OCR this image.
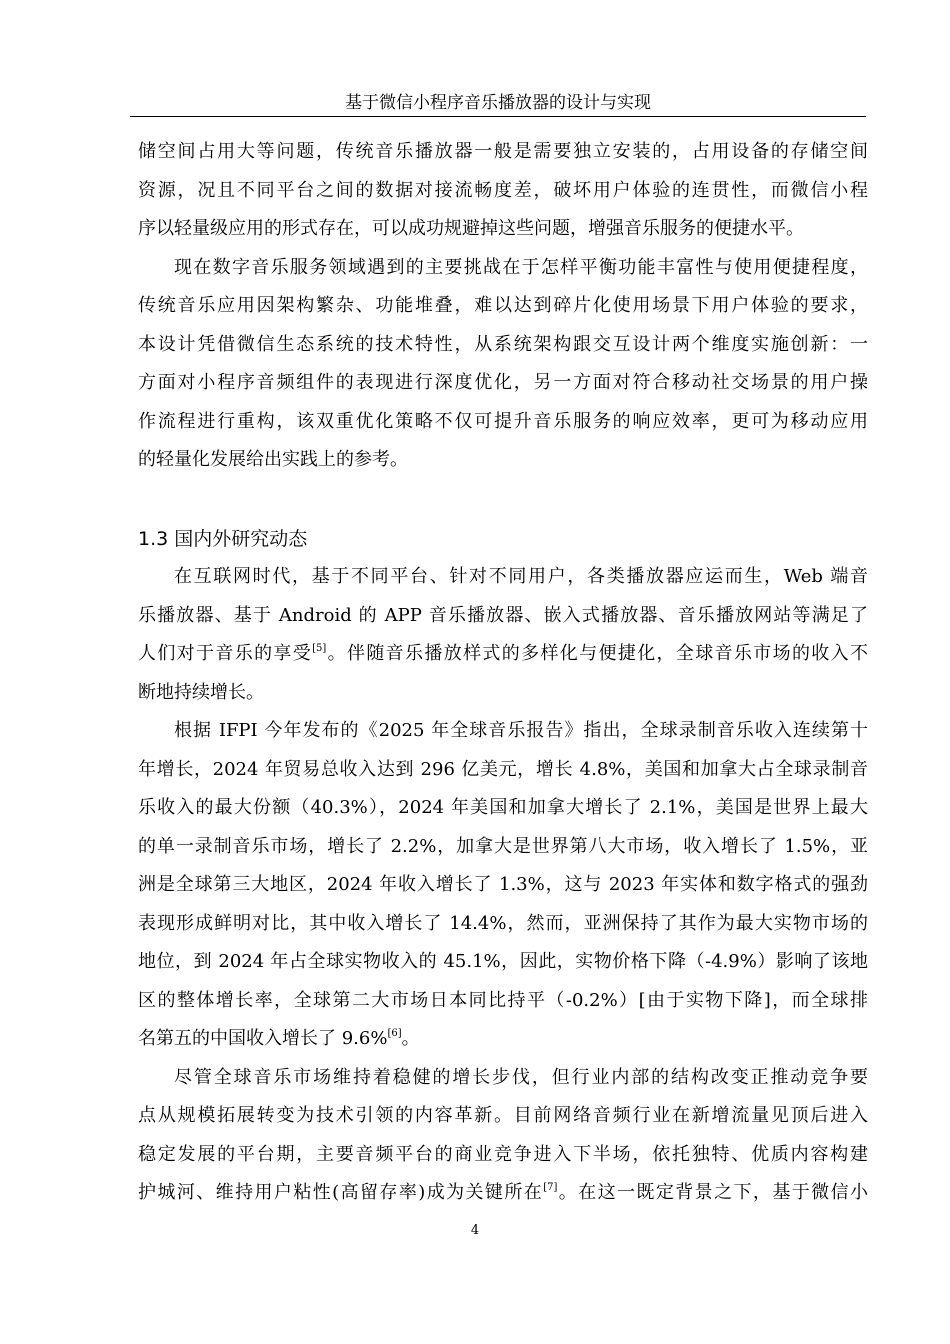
基于微信小程序音乐播放器的设计与实现
储空间占用大等问题，传统音乐播放器一般是需要独立安装的，占用设备的存储空间
资源，况且不同平台之间的数据对接流畅度差，破坏用户体验的连贯性，而微信小程
序以轻量级应用的形式存在，可以成功规避掉这些问题，增强音乐服务的便捷水平。
现在数字音乐服务领域遇到的主要挑战在于怎样平衡功能丰富性与使用便捷程度，
传统音乐应用因架构繁杂、功能堆叠，难以达到碎片化使用场景下用户体验的要求，
本设计凭借微信生态系统的技术特性，从系统架构跟交互设计两个维度实施创新：一
方面对小程序音频组件的表现进行深度优化，另一方面对符合移动社交场景的用户操
作流程进行重构，该双重优化策略不仅可提升音乐服务的响应效率，更可为移动应用
的轻量化发展给出实践上的参考。
1.3 国内外研究动态
在互联网时代，基于不同平台、针对不同用户，各类播放器应运而生，Web 端音
乐播放器、基于 Android 的 APP 音乐播放器、嵌入式播放器、音乐播放网站等满足了
人们对于音乐的享受[5]。伴随音乐播放样式的多样化与便捷化，全球音乐市场的收入不
断地持续增长。
根据 IFPI 今年发布的《2025 年全球音乐报告》指出，全球录制音乐收入连续第十
年增长，2024 年贸易总收入达到 296 亿美元，增长 4.8%，美国和加拿大占全球录制音
乐收入的最大份额（40.3%），2024 年美国和加拿大增长了 2.1%，美国是世界上最大
的单一录制音乐市场，增长了 2.2%，加拿大是世界第八大市场，收入增长了 1.5%，亚
洲是全球第三大地区，2024 年收入增长了 1.3%，这与 2023 年实体和数字格式的强劲
表现形成鲜明对比，其中收入增长了 14.4%，然而，亚洲保持了其作为最大实物市场的
地位，到 2024 年占全球实物收入的 45.1%，因此，实物价格下降（-4.9%）影响了该地
区的整体增长率，全球第二大市场日本同比持平（-0.2%）[由于实物下降]，而全球排
名第五的中国收入增长了 9.6%[6]。
尽管全球音乐市场维持着稳健的增长步伐，但行业内部的结构改变正推动竞争要
点从规模拓展转变为技术引领的内容革新。目前网络音频行业在新增流量见顶后进入
稳定发展的平台期，主要音频平台的商业竞争进入下半场，依托独特、优质内容构建
护城河、维持用户粘性(高留存率)成为关键所在[7]。在这一既定背景之下，基于微信小
4
